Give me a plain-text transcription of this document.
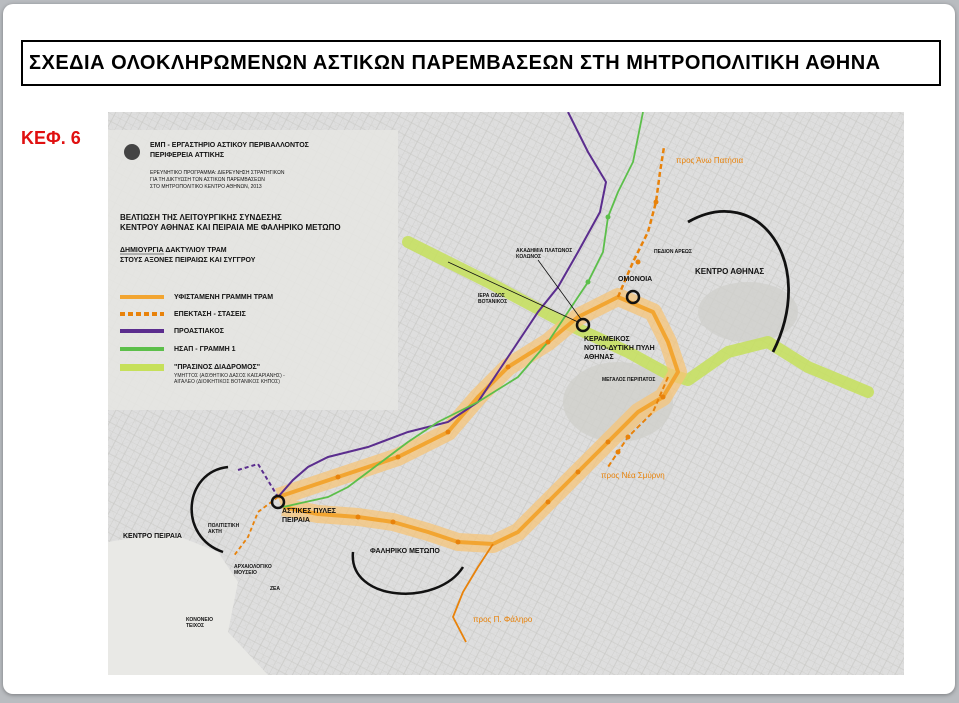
ΣΧΕΔΙΑ ΟΛΟΚΛΗΡΩΜΕΝΩΝ ΑΣΤΙΚΩΝ ΠΑΡΕΜΒΑΣΕΩΝ ΣΤΗ ΜΗΤΡΟΠΟΛΙΤΙΚΗ ΑΘΗΝΑ
ΚΕΦ. 6	ΕΜΠ - ΕΡΓΑΣΤΗΡΙΟ ΑΣΤΙΚΟΥ ΠΕΡΙΒΑΛΛΟΝΤΟΣ
ΠΕΡΙΦΕΡΕΙΑ ΑΤΤΙΚΗΣ
ΕΡΕΥΝΗΤΙΚΟ ΠΡΟΓΡΑΜΜΑ: ΔΙΕΡΕΥΝΗΣΗ ΣΤΡΑΤΗΓΙΚΩΝ
ΓΙΑ ΤΗ ΔΙΚΤΥΩΣΗ ΤΩΝ ΑΣΤΙΚΩΝ ΠΑΡΕΜΒΑΣΕΩΝ
ΣΤΟ ΜΗΤΡΟΠΟΛΙΤΙΚΟ ΚΕΝΤΡΟ ΑΘΗΝΩΝ, 2013
ΒΕΛΤΙΩΣΗ ΤΗΣ ΛΕΙΤΟΥΡΓΙΚΗΣ ΣΥΝΔΕΣΗΣ
ΚΕΝΤΡΟΥ ΑΘΗΝΑΣ ΚΑΙ ΠΕΙΡΑΙΑ ΜΕ ΦΑΛΗΡΙΚΟ ΜΕΤΩΠΟ
ΔΗΜΙΟΥΡΓΙΑ ΔΑΚΤΥΛΙΟΥ ΤΡΑΜ
ΣΤΟΥΣ ΑΞΟΝΕΣ ΠΕΙΡΑΙΩΣ ΚΑΙ ΣΥΓΓΡΟΥ
ΥΦΙΣΤΑΜΕΝΗ ΓΡΑΜΜΗ ΤΡΑΜ
ΕΠΕΚΤΑΣΗ - ΣΤΑΣΕΙΣ
ΠΡΟΑΣΤΙΑΚΟΣ
ΗΣΑΠ - ΓΡΑΜΜΗ 1
"ΠΡΑΣΙΝΟΣ ΔΙΑΔΡΟΜΟΣ"
ΥΜΗΤΤΟΣ (ΑΙΣΘΗΤΙΚΟ ΔΑΣΟΣ ΚΑΙΣΑΡΙΑΝΗΣ) -
ΑΙΓΑΛΕΟ (ΔΙΟΙΚΗΤΙΚΟΣ ΒΟΤΑΝΙΚΟΣ ΚΗΠΟΣ)
ΟΜΟΝΟΙΑ
ΚΕΝΤΡΟ ΑΘΗΝΑΣ
ΠΕΔΙΟΝ ΑΡΕΩΣ
ΑΚΑΔΗΜΙΑ ΠΛΑΤΩΝΟΣ
ΚΟΛΩΝΟΣ
ΙΕΡΑ ΟΔΟΣ
ΒΟΤΑΝΙΚΟΣ
ΚΕΡΑΜΕΙΚΟΣ
ΝΟΤΙΟ-ΔΥΤΙΚΗ ΠΥΛΗ
ΑΘΗΝΑΣ
ΜΕΓΑΛΟΣ ΠΕΡΙΠΑΤΟΣ
προς Άνω Πατήσια
προς Νέα Σμύρνη
προς Π. Φάληρο
ΑΣΤΙΚΕΣ ΠΥΛΕΣ
ΠΕΙΡΑΙΑ
ΚΕΝΤΡΟ ΠΕΙΡΑΙΑ
ΠΟΛΙΤΙΣΤΙΚΗ
ΑΚΤΗ
ΦΑΛΗΡΙΚΟ ΜΕΤΩΠΟ
ΑΡΧΑΙΟΛΟΓΙΚΟ
ΜΟΥΣΕΙΟ
ΖΕΑ
ΚΟΝΟΝΕΙΟ
ΤΕΙΧΟΣ
